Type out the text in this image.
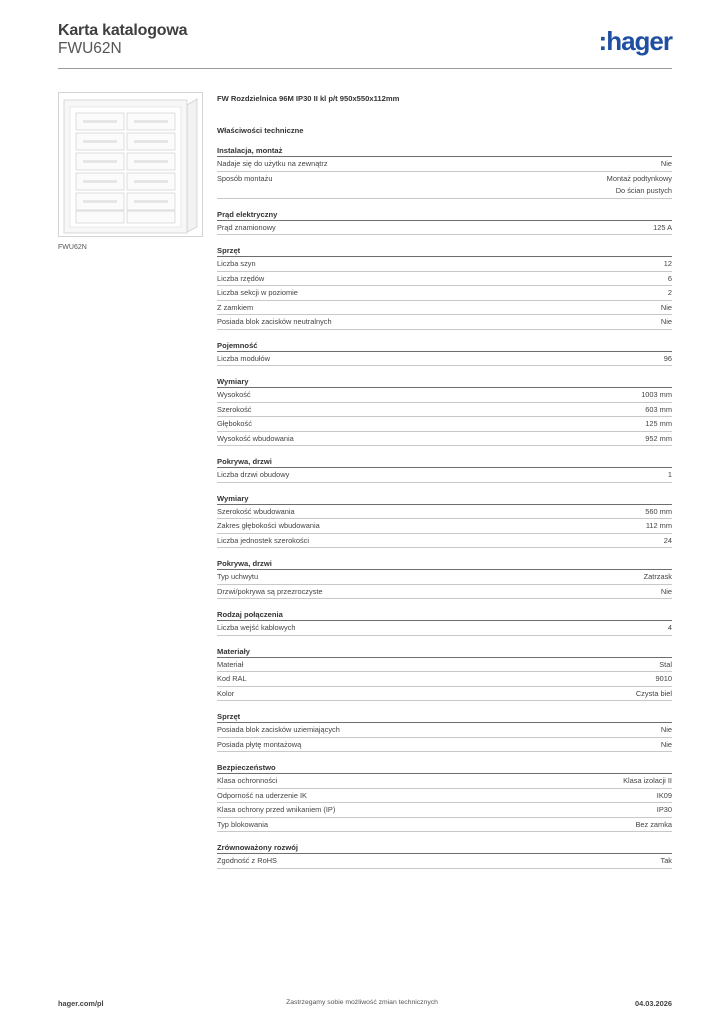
Karta katalogowa
FWU62N	:hager
FWU62N
FW Rozdzielnica 96M IP30 II kl p/t 950x550x112mm
Właściwości techniczne
Instalacja, montaż
Nadaje się do użytku na zewnątrz	Nie
Sposób montażu	Montaż podtynkowy
Do ścian pustych
Prąd elektryczny
Prąd znamionowy	125 A
Sprzęt
Liczba szyn	12
Liczba rzędów	6
Liczba sekcji w poziomie	2
Z zamkiem	Nie
Posiada blok zacisków neutralnych	Nie
Pojemność
Liczba modułów	96
Wymiary
Wysokość	1003 mm
Szerokość	603 mm
Głębokość	125 mm
Wysokość wbudowania	952 mm
Pokrywa, drzwi
Liczba drzwi obudowy	1
Wymiary
Szerokość wbudowania	560 mm
Zakres głębokości wbudowania	112 mm
Liczba jednostek szerokości	24
Pokrywa, drzwi
Typ uchwytu	Zatrzask
Drzwi/pokrywa są przezroczyste	Nie
Rodzaj połączenia
Liczba wejść kablowych	4
Materiały
Materiał	Stal
Kod RAL	9010
Kolor	Czysta biel
Sprzęt
Posiada blok zacisków uziemiających	Nie
Posiada płytę montażową	Nie
Bezpieczeństwo
Klasa ochronności	Klasa izolacji II
Odporność na uderzenie IK	IK09
Klasa ochrony przed wnikaniem (IP)	IP30
Typ blokowania	Bez zamka
Zrównoważony rozwój
Zgodność z RoHS	Tak
hager.com/pl	Zastrzegamy sobie możliwość zmian technicznych	04.03.2026
